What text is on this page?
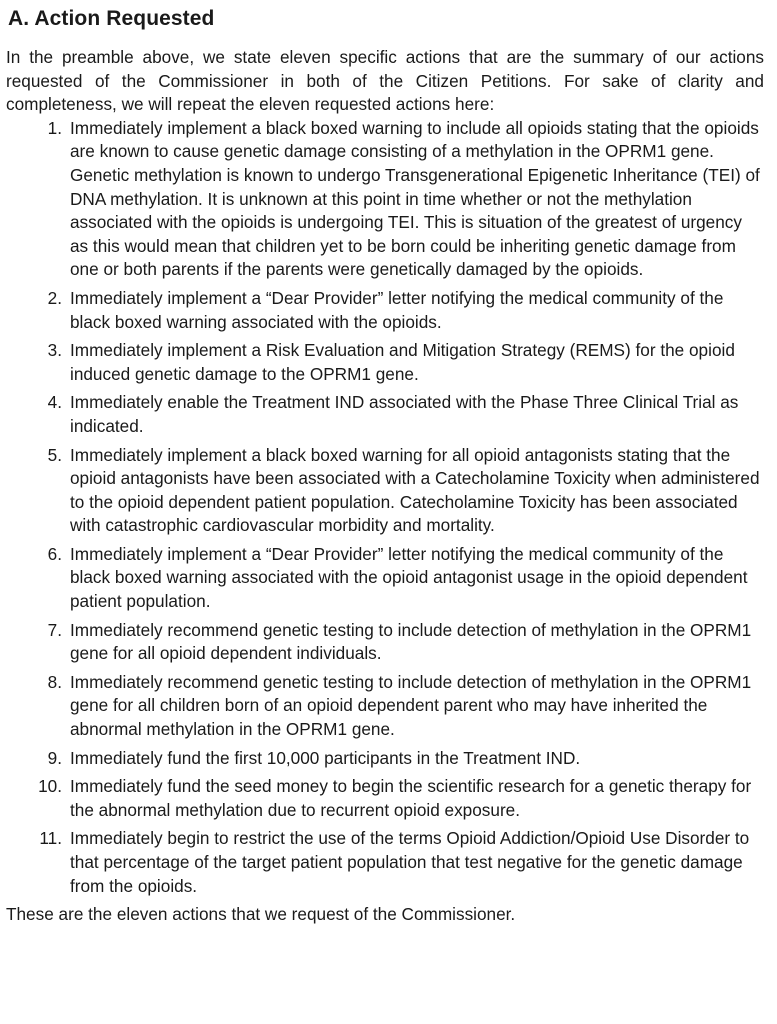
A. Action Requested

In the preamble above, we state eleven specific actions that are the summary of our actions requested of the Commissioner in both of the Citizen Petitions. For sake of clarity and completeness, we will repeat the eleven requested actions here:

1. Immediately implement a black boxed warning to include all opioids stating that the opioids are known to cause genetic damage consisting of a methylation in the OPRM1 gene. Genetic methylation is known to undergo Transgenerational Epigenetic Inheritance (TEI) of DNA methylation. It is unknown at this point in time whether or not the methylation associated with the opioids is undergoing TEI. This is situation of the greatest of urgency as this would mean that children yet to be born could be inheriting genetic damage from one or both parents if the parents were genetically damaged by the opioids.
2. Immediately implement a “Dear Provider” letter notifying the medical community of the black boxed warning associated with the opioids.
3. Immediately implement a Risk Evaluation and Mitigation Strategy (REMS) for the opioid induced genetic damage to the OPRM1 gene.
4. Immediately enable the Treatment IND associated with the Phase Three Clinical Trial as indicated.
5. Immediately implement a black boxed warning for all opioid antagonists stating that the opioid antagonists have been associated with a Catecholamine Toxicity when administered to the opioid dependent patient population. Catecholamine Toxicity has been associated with catastrophic cardiovascular morbidity and mortality.
6. Immediately implement a “Dear Provider” letter notifying the medical community of the black boxed warning associated with the opioid antagonist usage in the opioid dependent patient population.
7. Immediately recommend genetic testing to include detection of methylation in the OPRM1 gene for all opioid dependent individuals.
8. Immediately recommend genetic testing to include detection of methylation in the OPRM1 gene for all children born of an opioid dependent parent who may have inherited the abnormal methylation in the OPRM1 gene.
9. Immediately fund the first 10,000 participants in the Treatment IND.
10. Immediately fund the seed money to begin the scientific research for a genetic therapy for the abnormal methylation due to recurrent opioid exposure.
11. Immediately begin to restrict the use of the terms Opioid Addiction/Opioid Use Disorder to that percentage of the target patient population that test negative for the genetic damage from the opioids.

These are the eleven actions that we request of the Commissioner.
